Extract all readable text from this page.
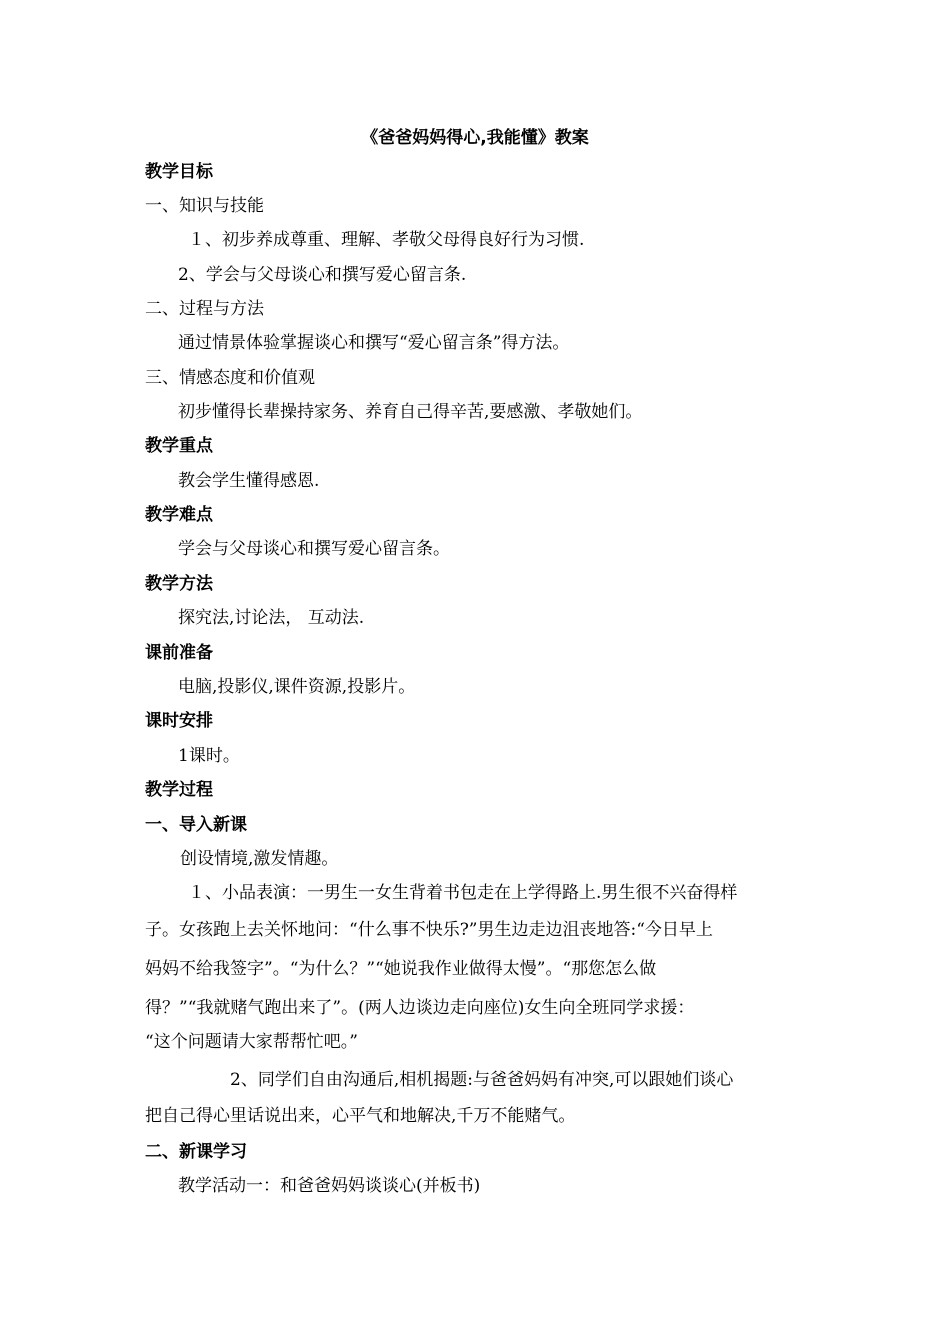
《爸爸妈妈得心,我能懂》教案
教学目标
一、知识与技能
１、初步养成尊重、理解、孝敬父母得良好行为习惯.
2、学会与父母谈心和撰写爱心留言条.
二、过程与方法
通过情景体验掌握谈心和撰写“爱心留言条”得方法。
三、情感态度和价值观
初步懂得长辈操持家务、养育自己得辛苦,要感激、孝敬她们。
教学重点
教会学生懂得感恩.
教学难点
学会与父母谈心和撰写爱心留言条。
教学方法
探究法,讨论法， 互动法.
课前准备
电脑,投影仪,课件资源,投影片。
课时安排
1课时。
教学过程
一、导入新课
创设情境,激发情趣。
１、小品表演：一男生一女生背着书包走在上学得路上.男生很不兴奋得样
子。女孩跑上去关怀地问：“什么事不快乐?”男生边走边沮丧地答:“今日早上
妈妈不给我签字”。“为什么？”“她说我作业做得太慢”。“那您怎么做
得？”“我就赌气跑出来了”。(两人边谈边走向座位)女生向全班同学求援：
“这个问题请大家帮帮忙吧。”
2、同学们自由沟通后,相机揭题:与爸爸妈妈有冲突,可以跟她们谈心
把自己得心里话说出来，心平气和地解决,千万不能赌气。
二、新课学习
教学活动一：和爸爸妈妈谈谈心(并板书)
